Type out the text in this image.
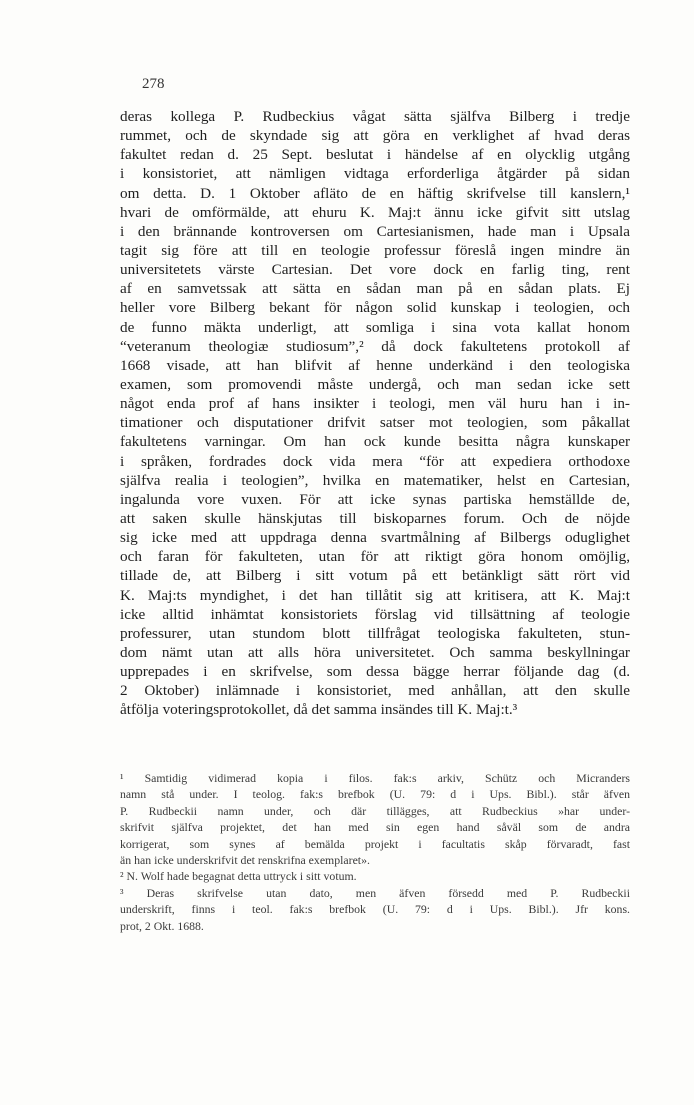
278
deras kollega P. Rudbeckius vågat sätta själfva Bilberg i tredje
rummet, och de skyndade sig att göra en verklighet af hvad deras
fakultet redan d. 25 Sept. beslutat i händelse af en olycklig utgång
i konsistoriet, att nämligen vidtaga erforderliga åtgärder på sidan
om detta. D. 1 Oktober afläto de en häftig skrifvelse till kanslern,¹
hvari de omförmälde, att ehuru K. Maj:t ännu icke gifvit sitt utslag
i den brännande kontroversen om Cartesianismen, hade man i Upsala
tagit sig före att till en teologie professur föreslå ingen mindre än
universitetets värste Cartesian. Det vore dock en farlig ting, rent
af en samvetssak att sätta en sådan man på en sådan plats. Ej
heller vore Bilberg bekant för någon solid kunskap i teologien, och
de funno mäkta underligt, att somliga i sina vota kallat honom
“veteranum theologiæ studiosum”,² då dock fakultetens protokoll af
1668 visade, att han blifvit af henne underkänd i den teologiska
examen, som promovendi måste undergå, och man sedan icke sett
något enda prof af hans insikter i teologi, men väl huru han i in-
timationer och disputationer drifvit satser mot teologien, som påkallat
fakultetens varningar. Om han ock kunde besitta några kunskaper
i språken, fordrades dock vida mera “för att expediera orthodoxe
själfva realia i teologien”, hvilka en matematiker, helst en Cartesian,
ingalunda vore vuxen. För att icke synas partiska hemställde de,
att saken skulle hänskjutas till biskoparnes forum. Och de nöjde
sig icke med att uppdraga denna svartmålning af Bilbergs oduglighet
och faran för fakulteten, utan för att riktigt göra honom omöjlig,
tillade de, att Bilberg i sitt votum på ett betänkligt sätt rört vid
K. Maj:ts myndighet, i det han tillåtit sig att kritisera, att K. Maj:t
icke alltid inhämtat konsistoriets förslag vid tillsättning af teologie
professurer, utan stundom blott tillfrågat teologiska fakulteten, stun-
dom nämt utan att alls höra universitetet. Och samma beskyllningar
upprepades i en skrifvelse, som dessa bägge herrar följande dag (d.
2 Oktober) inlämnade i konsistoriet, med anhållan, att den skulle
åtfölja voteringsprotokollet, då det samma insändes till K. Maj:t.³
¹ Samtidig vidimerad kopia i filos. fak:s arkiv, Schütz och Micranders
namn stå under. I teolog. fak:s brefbok (U. 79: d i Ups. Bibl.). står äfven
P. Rudbeckii namn under, och där tillägges, att Rudbeckius »har under-
skrifvit själfva projektet, det han med sin egen hand såväl som de andra
korrigerat, som synes af bemälda projekt i facultatis skåp förvaradt, fast
än han icke underskrifvit det renskrifna exemplaret».
² N. Wolf hade begagnat detta uttryck i sitt votum.
³ Deras skrifvelse utan dato, men äfven försedd med P. Rudbeckii
underskrift, finns i teol. fak:s brefbok (U. 79: d i Ups. Bibl.). Jfr kons.
prot, 2 Okt. 1688.
